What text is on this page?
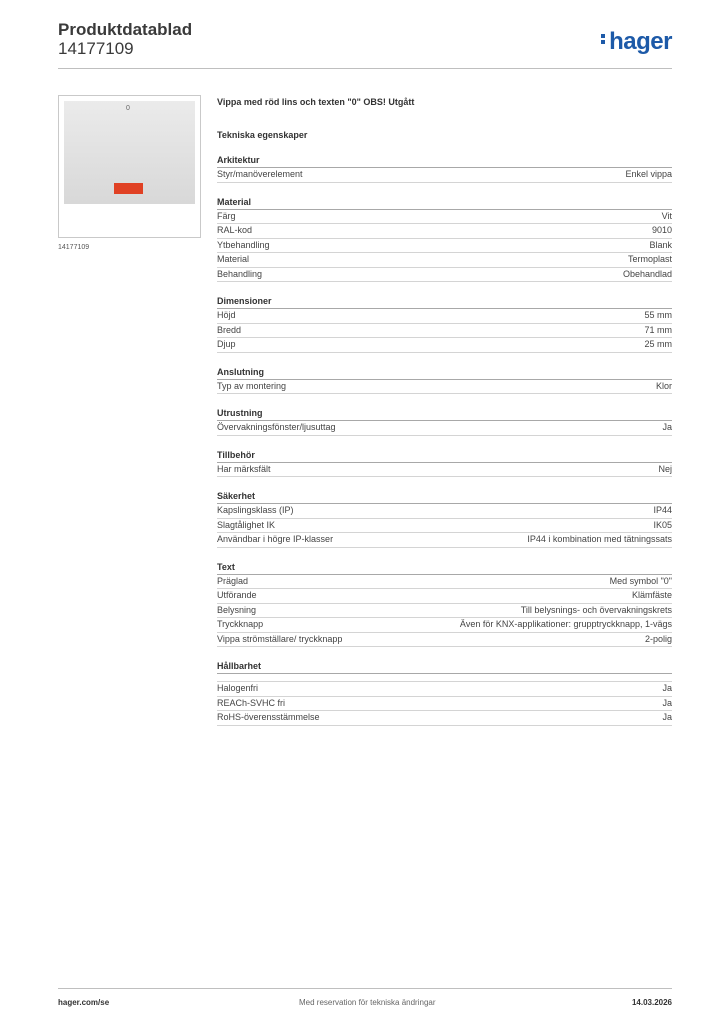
Produktdatablad
14177109	hager
0
14177109
Vippa med röd lins och texten "0" OBS! Utgått
Tekniska egenskaper
Arkitektur
Styr/manöverelement	Enkel vippa
Material
Färg	Vit
RAL-kod	9010
Ytbehandling	Blank
Material	Termoplast
Behandling	Obehandlad
Dimensioner
Höjd	55 mm
Bredd	71 mm
Djup	25 mm
Anslutning
Typ av montering	Klor
Utrustning
Övervakningsfönster/ljusuttag	Ja
Tillbehör
Har märksfält	Nej
Säkerhet
Kapslingsklass (IP)	IP44
Slagtålighet IK	IK05
Användbar i högre IP-klasser	IP44 i kombination med tätningssats
Text
Präglad	Med symbol "0"
Utförande	Klämfäste
Belysning	Till belysnings- och övervakningskrets
Tryckknapp	Även för KNX-applikationer: grupptryckknapp, 1-vägs
Vippa strömställare/ tryckknapp	2-polig
Hållbarhet
Halogenfri	Ja
REACh-SVHC fri	Ja
RoHS-överensstämmelse	Ja
hager.com/se	Med reservation för tekniska ändringar	14.03.2026
